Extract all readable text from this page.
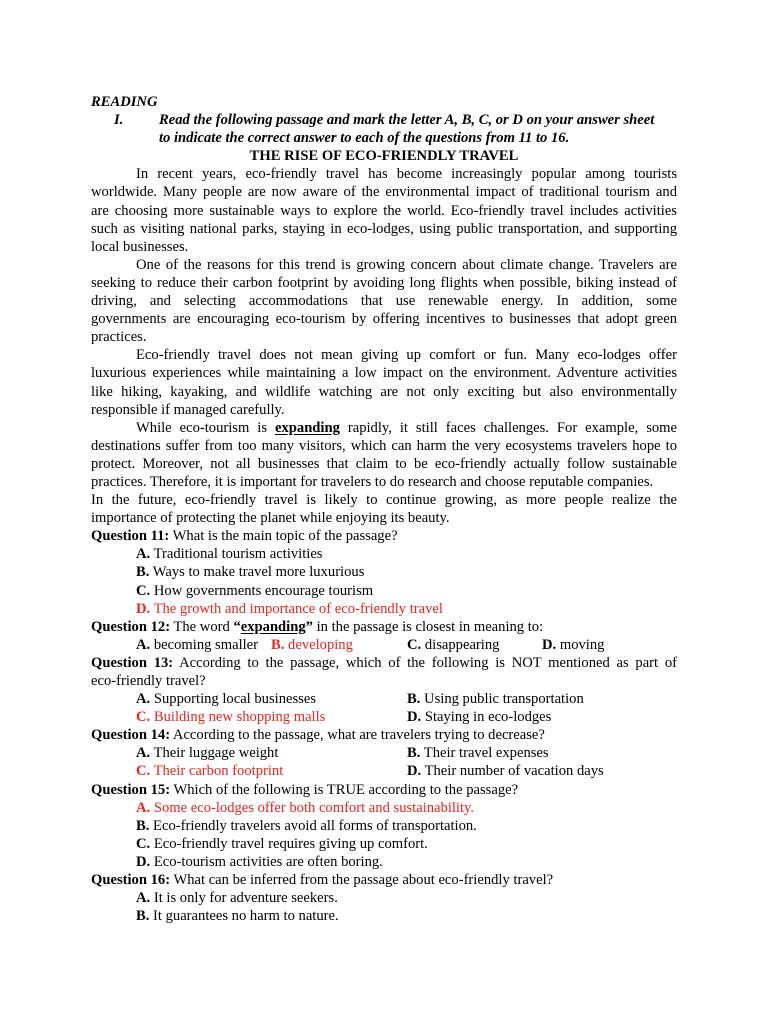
READING
I.	Read the following passage and mark the letter A, B, C, or D on your answer sheet
to indicate the correct answer to each of the questions from 11 to 16.
THE RISE OF ECO-FRIENDLY TRAVEL
In recent years, eco-friendly travel has become increasingly popular among tourists
worldwide. Many people are now aware of the environmental impact of traditional tourism and
are choosing more sustainable ways to explore the world. Eco-friendly travel includes activities
such as visiting national parks, staying in eco-lodges, using public transportation, and supporting
local businesses.
One of the reasons for this trend is growing concern about climate change. Travelers are
seeking to reduce their carbon footprint by avoiding long flights when possible, biking instead of
driving, and selecting accommodations that use renewable energy. In addition, some
governments are encouraging eco-tourism by offering incentives to businesses that adopt green
practices.
Eco-friendly travel does not mean giving up comfort or fun. Many eco-lodges offer
luxurious experiences while maintaining a low impact on the environment. Adventure activities
like hiking, kayaking, and wildlife watching are not only exciting but also environmentally
responsible if managed carefully.
While eco-tourism is expanding rapidly, it still faces challenges. For example, some
destinations suffer from too many visitors, which can harm the very ecosystems travelers hope to
protect. Moreover, not all businesses that claim to be eco-friendly actually follow sustainable
practices. Therefore, it is important for travelers to do research and choose reputable companies.
In the future, eco-friendly travel is likely to continue growing, as more people realize the
importance of protecting the planet while enjoying its beauty.
Question 11: What is the main topic of the passage?
A. Traditional tourism activities
B. Ways to make travel more luxurious
C. How governments encourage tourism
D. The growth and importance of eco-friendly travel
Question 12: The word “expanding” in the passage is closest in meaning to:
A. becoming smaller B. developing	C. disappearing	D. moving
Question 13: According to the passage, which of the following is NOT mentioned as part of
eco-friendly travel?
A. Supporting local businesses	B. Using public transportation
C. Building new shopping malls	D. Staying in eco-lodges
Question 14: According to the passage, what are travelers trying to decrease?
A. Their luggage weight	B. Their travel expenses
C. Their carbon footprint	D. Their number of vacation days
Question 15: Which of the following is TRUE according to the passage?
A. Some eco-lodges offer both comfort and sustainability.
B. Eco-friendly travelers avoid all forms of transportation.
C. Eco-friendly travel requires giving up comfort.
D. Eco-tourism activities are often boring.
Question 16: What can be inferred from the passage about eco-friendly travel?
A. It is only for adventure seekers.
B. It guarantees no harm to nature.
